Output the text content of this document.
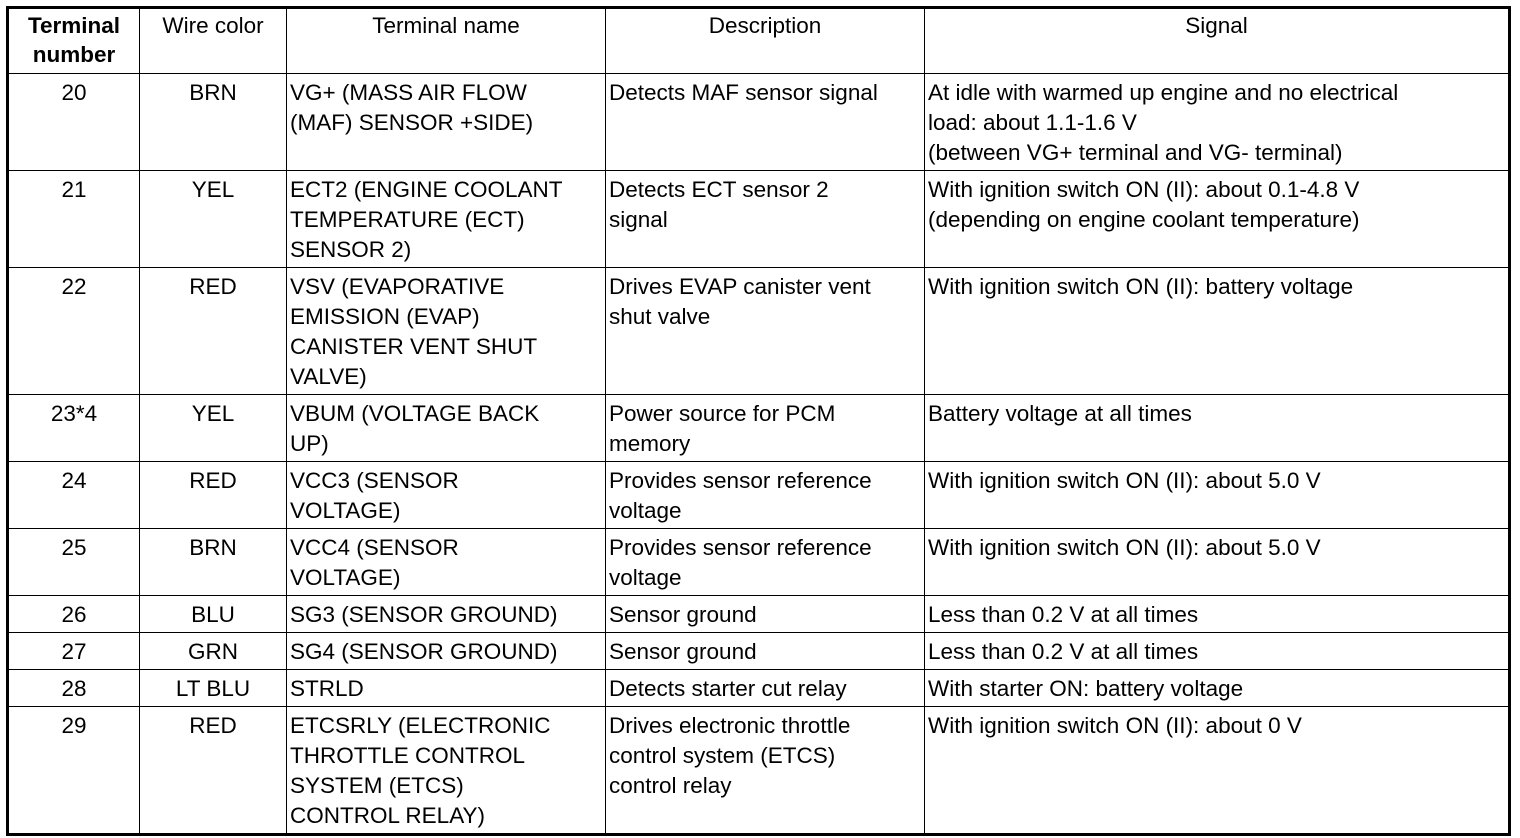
Terminal
number	Wire color	Terminal name	Description	Signal
20	BRN	VG+ (MASS AIR FLOW
(MAF) SENSOR +SIDE)	Detects MAF sensor signal	At idle with warmed up engine and no electrical
load: about 1.1-1.6 V
(between VG+ terminal and VG- terminal)
21	YEL	ECT2 (ENGINE COOLANT
TEMPERATURE (ECT)
SENSOR 2)	Detects ECT sensor 2
signal	With ignition switch ON (II): about 0.1-4.8 V
(depending on engine coolant temperature)
22	RED	VSV (EVAPORATIVE
EMISSION (EVAP)
CANISTER VENT SHUT
VALVE)	Drives EVAP canister vent
shut valve	With ignition switch ON (II): battery voltage
23*4	YEL	VBUM (VOLTAGE BACK
UP)	Power source for PCM
memory	Battery voltage at all times
24	RED	VCC3 (SENSOR
VOLTAGE)	Provides sensor reference
voltage	With ignition switch ON (II): about 5.0 V
25	BRN	VCC4 (SENSOR
VOLTAGE)	Provides sensor reference
voltage	With ignition switch ON (II): about 5.0 V
26	BLU	SG3 (SENSOR GROUND)	Sensor ground	Less than 0.2 V at all times
27	GRN	SG4 (SENSOR GROUND)	Sensor ground	Less than 0.2 V at all times
28	LT BLU	STRLD	Detects starter cut relay	With starter ON: battery voltage
29	RED	ETCSRLY (ELECTRONIC
THROTTLE CONTROL
SYSTEM (ETCS)
CONTROL RELAY)	Drives electronic throttle
control system (ETCS)
control relay	With ignition switch ON (II): about 0 V
